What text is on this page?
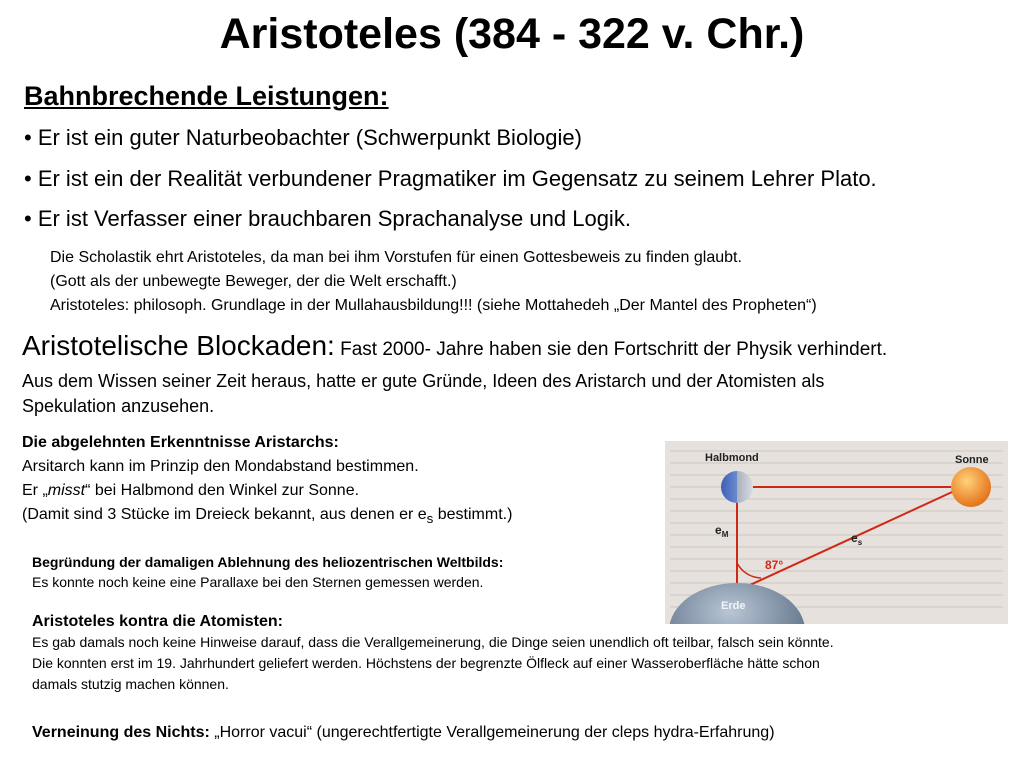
Aristoteles (384 - 322 v. Chr.)
Bahnbrechende Leistungen:
• Er ist ein guter Naturbeobachter (Schwerpunkt Biologie)
• Er ist ein der Realität verbundener Pragmatiker im Gegensatz zu seinem Lehrer Plato.
• Er ist Verfasser einer brauchbaren Sprachanalyse und Logik.
Die Scholastik ehrt Aristoteles, da man bei ihm Vorstufen für einen Gottesbeweis zu finden glaubt.
(Gott als der unbewegte Beweger, der die Welt erschafft.)
Aristoteles: philosoph. Grundlage in der Mullahausbildung!!! (siehe Mottahedeh „Der Mantel des Propheten“)
Aristotelische Blockaden: Fast 2000- Jahre haben sie den Fortschritt der Physik verhindert.
Aus dem Wissen seiner Zeit heraus, hatte er gute Gründe, Ideen des Aristarch und der Atomisten als
Spekulation anzusehen.
Die abgelehnten Erkenntnisse Aristarchs:
Arsitarch kann im Prinzip den Mondabstand bestimmen.
Er „misst“ bei Halbmond den Winkel zur Sonne.
(Damit sind 3 Stücke im Dreieck bekannt, aus denen er $e_s$ bestimmt.)
Begründung der damaligen Ablehnung des heliozentrischen Weltbilds:
Es konnte noch keine eine Parallaxe bei den Sternen gemessen werden.
Aristoteles kontra die Atomisten:
Es gab damals noch keine Hinweise darauf, dass die Verallgemeinerung, die Dinge seien unendlich oft teilbar, falsch sein könnte.
Die konnten erst im 19. Jahrhundert geliefert werden. Höchstens der begrenzte Ölfleck auf einer Wasseroberfläche hätte schon
damals stutzig machen können.
Verneinung des Nichts: „Horror vacui“ (ungerechtfertigte Verallgemeinerung der cleps hydra-Erfahrung)
Halbmond	Sonne
Erde
$e_M$	$e_s$
87°
